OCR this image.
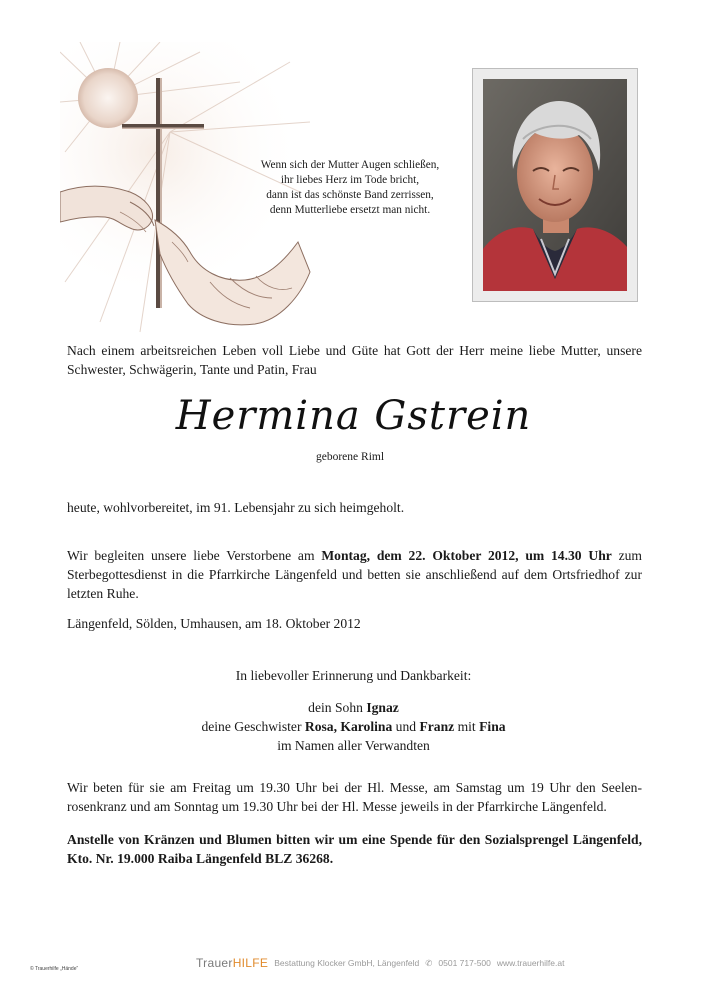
Wenn sich der Mutter Augen schließen,
ihr liebes Herz im Tode bricht,
dann ist das schönste Band zerrissen,
denn Mutterliebe ersetzt man nicht.
Nach einem arbeitsreichen Leben voll Liebe und Güte hat Gott der Herr meine liebe Mutter, unsere Schwester, Schwägerin, Tante und Patin, Frau
Hermina Gstrein
geborene Riml
heute, wohlvorbereitet, im 91. Lebensjahr zu sich heimgeholt.
Wir begleiten unsere liebe Verstorbene am Montag, dem 22. Oktober 2012, um 14.30 Uhr zum Sterbegottesdienst in die Pfarrkirche Längenfeld und betten sie anschließend auf dem Ortsfriedhof zur letzten Ruhe.
Längenfeld, Sölden, Umhausen, am 18. Oktober 2012
In liebevoller Erinnerung und Dankbarkeit:
dein Sohn Ignaz
deine Geschwister Rosa, Karolina und Franz mit Fina
im Namen aller Verwandten
Wir beten für sie am Freitag um 19.30 Uhr bei der Hl. Messe, am Samstag um 19 Uhr den Seelen-rosenkranz und am Sonntag um 19.30 Uhr bei der Hl. Messe jeweils in der Pfarrkirche Längenfeld.
Anstelle von Kränzen und Blumen bitten wir um eine Spende für den Sozialsprengel Längenfeld, Kto. Nr. 19.000 Raiba Längenfeld BLZ 36268.
TrauerHILFE Bestattung Klocker GmbH, Längenfeld ✆ 0501 717-500 www.trauerhilfe.at
© Trauerhilfe „Hände“
